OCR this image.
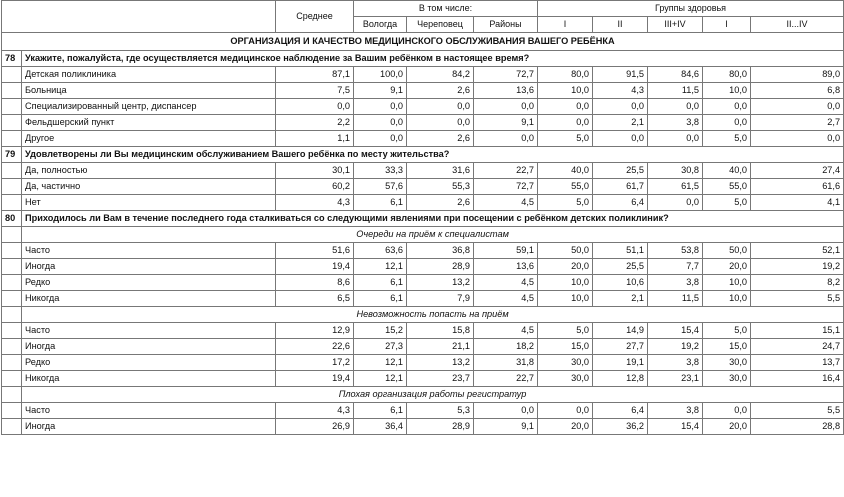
		Среднее	В том числе:			Группы здоровья				
			Вологда	Череповец	Районы	I	II	III+IV	I	II...IV
ОРГАНИЗАЦИЯ И КАЧЕСТВО МЕДИЦИНСКОГО ОБСЛУЖИВАНИЯ ВАШЕГО РЕБЁНКА										
78	Укажите, пожалуйста, где осуществляется медицинское наблюдение за Вашим ребёнком в настоящее время?									
	Детская поликлиника	87,1	100,0	84,2	72,7	80,0	91,5	84,6	80,0	89,0
	Больница	7,5	9,1	2,6	13,6	10,0	4,3	11,5	10,0	6,8
	Специализированный центр, диспансер	0,0	0,0	0,0	0,0	0,0	0,0	0,0	0,0	0,0
	Фельдшерский пункт	2,2	0,0	0,0	9,1	0,0	2,1	3,8	0,0	2,7
	Другое	1,1	0,0	2,6	0,0	5,0	0,0	0,0	5,0	0,0
79	Удовлетворены ли Вы медицинским обслуживанием Вашего ребёнка по месту жительства?									
	Да, полностью	30,1	33,3	31,6	22,7	40,0	25,5	30,8	40,0	27,4
	Да, частично	60,2	57,6	55,3	72,7	55,0	61,7	61,5	55,0	61,6
	Нет	4,3	6,1	2,6	4,5	5,0	6,4	0,0	5,0	4,1
80	Приходилось ли Вам в течение последнего года сталкиваться со следующими явлениями при посещении с ребёнком детских поликлиник?									
	Очереди на приём к специалистам									
	Часто	51,6	63,6	36,8	59,1	50,0	51,1	53,8	50,0	52,1
	Иногда	19,4	12,1	28,9	13,6	20,0	25,5	7,7	20,0	19,2
	Редко	8,6	6,1	13,2	4,5	10,0	10,6	3,8	10,0	8,2
	Никогда	6,5	6,1	7,9	4,5	10,0	2,1	11,5	10,0	5,5
	Невозможность попасть на приём									
	Часто	12,9	15,2	15,8	4,5	5,0	14,9	15,4	5,0	15,1
	Иногда	22,6	27,3	21,1	18,2	15,0	27,7	19,2	15,0	24,7
	Редко	17,2	12,1	13,2	31,8	30,0	19,1	3,8	30,0	13,7
	Никогда	19,4	12,1	23,7	22,7	30,0	12,8	23,1	30,0	16,4
	Плохая организация работы регистратур									
	Часто	4,3	6,1	5,3	0,0	0,0	6,4	3,8	0,0	5,5
	Иногда	26,9	36,4	28,9	9,1	20,0	36,2	15,4	20,0	28,8
